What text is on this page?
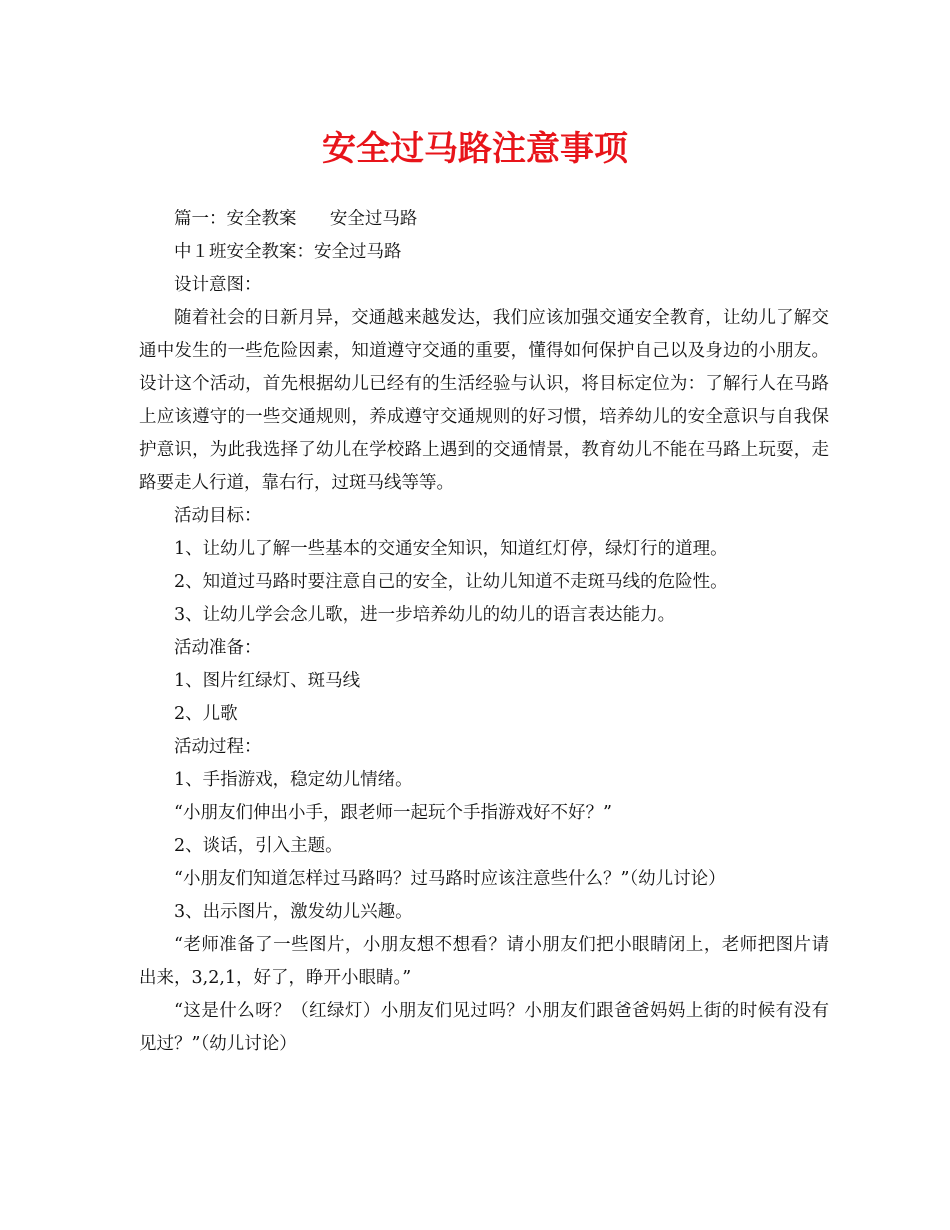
安全过马路注意事项

篇一：安全教案      安全过马路

中１班安全教案：安全过马路

设计意图：

随着社会的日新月异，交通越来越发达，我们应该加强交通安全教育，让幼儿了解交通中发生的一些危险因素，知道遵守交通的重要，懂得如何保护自己以及身边的小朋友。设计这个活动，首先根据幼儿已经有的生活经验与认识，将目标定位为：了解行人在马路上应该遵守的一些交通规则，养成遵守交通规则的好习惯，培养幼儿的安全意识与自我保护意识，为此我选择了幼儿在学校路上遇到的交通情景，教育幼儿不能在马路上玩耍，走路要走人行道，靠右行，过斑马线等等。

活动目标：

1、让幼儿了解一些基本的交通安全知识，知道红灯停，绿灯行的道理。

2、知道过马路时要注意自己的安全，让幼儿知道不走斑马线的危险性。

3、让幼儿学会念儿歌，进一步培养幼儿的幼儿的语言表达能力。

活动准备：

1、图片红绿灯、斑马线

2、儿歌

活动过程：

1、手指游戏，稳定幼儿情绪。

“小朋友们伸出小手，跟老师一起玩个手指游戏好不好？”

2、谈话，引入主题。

“小朋友们知道怎样过马路吗？过马路时应该注意些什么？”（幼儿讨论）

3、出示图片，激发幼儿兴趣。

“老师准备了一些图片，小朋友想不想看？请小朋友们把小眼睛闭上，老师把图片请出来，3,2,1，好了，睁开小眼睛。”

“这是什么呀？（红绿灯）小朋友们见过吗？小朋友们跟爸爸妈妈上街的时候有没有见过？”（幼儿讨论）
